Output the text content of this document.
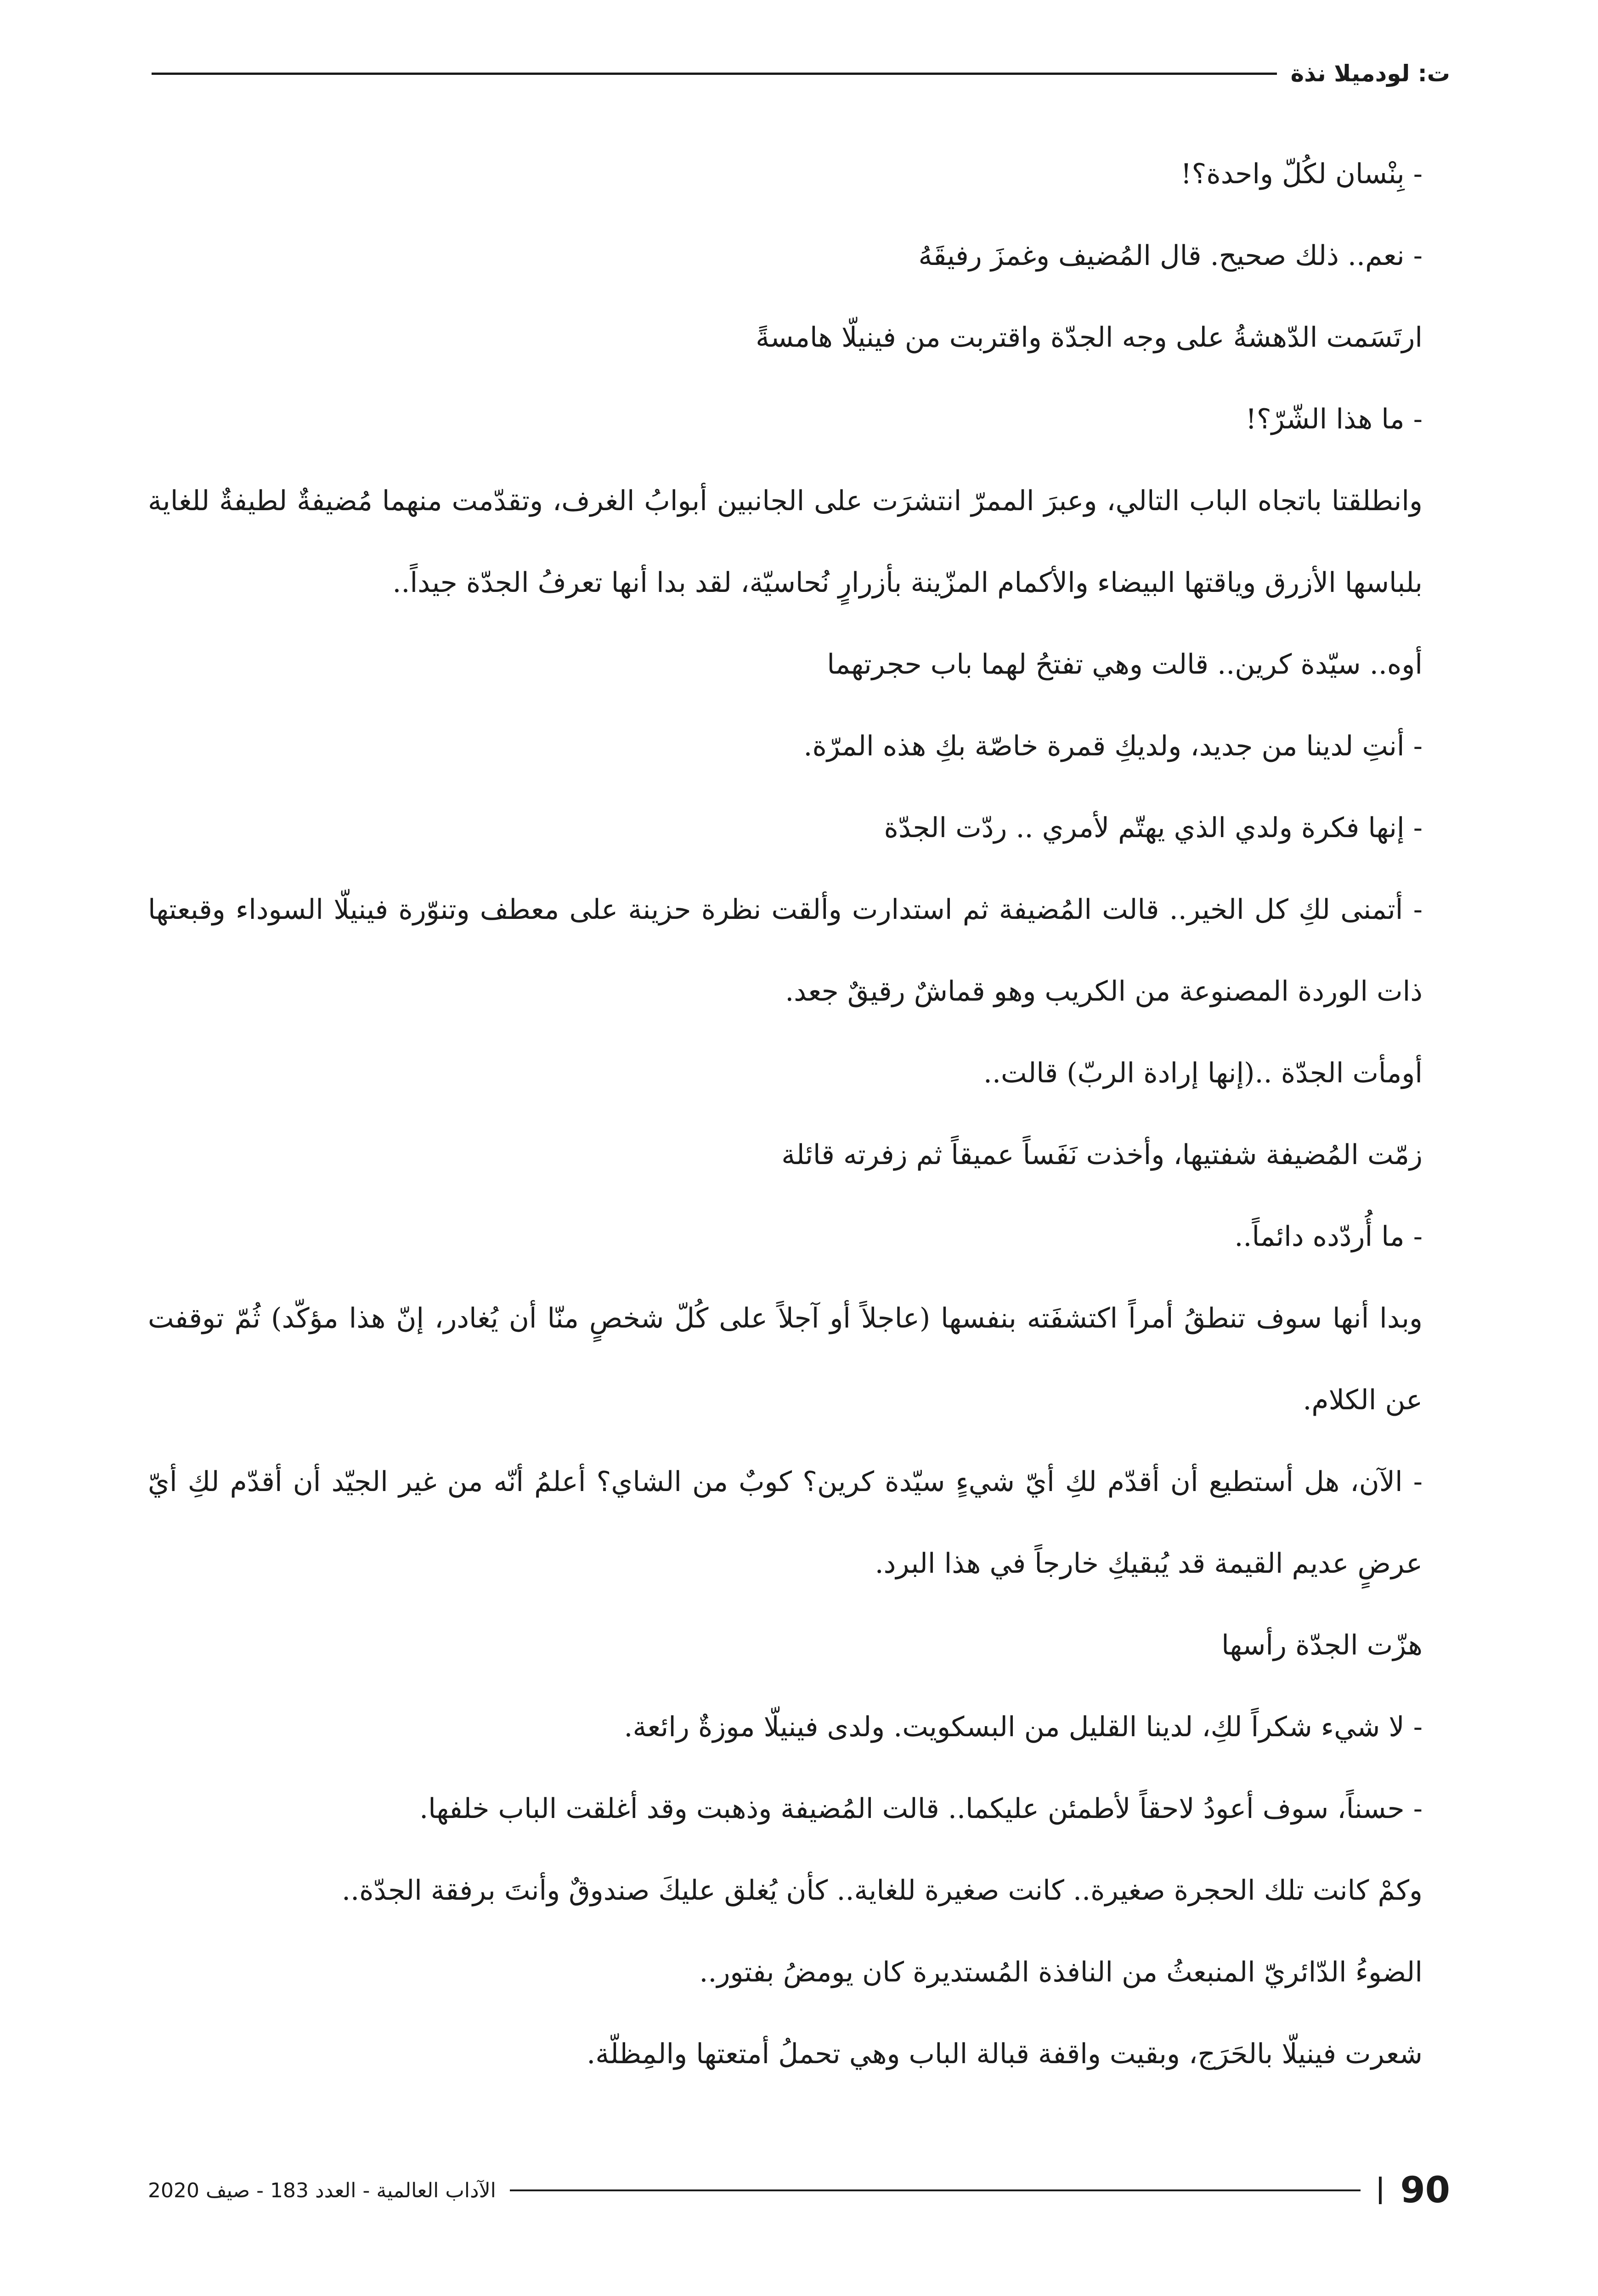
ت: لودميلا نذة

- بِنْسان لكُلّ واحدة؟!

- نعم.. ذلك صحيح. قال المُضيف وغمزَ رفيقَهُ

ارتَسَمت الدّهشةُ على وجه الجدّة واقتربت من فينيلّا هامسةً

- ما هذا الشّرّ؟!

وانطلقتا باتجاه الباب التالي، وعبرَ الممرّ انتشرَت على الجانبين أبوابُ الغرف، وتقدّمت منهما مُضيفةٌ لطيفةٌ للغاية بلباسها الأزرق وياقتها البيضاء والأكمام المزّينة بأزرارٍ نُحاسيّة، لقد بدا أنها تعرفُ الجدّة جيداً..

أوه.. سيّدة كرين.. قالت وهي تفتحُ لهما باب حجرتهما

- أنتِ لدينا من جديد، ولديكِ قمرة خاصّة بكِ هذه المرّة.

- إنها فكرة ولدي الذي يهتّم لأمري .. ردّت الجدّة

- أتمنى لكِ كل الخير.. قالت المُضيفة ثم استدارت وألقت نظرة حزينة على معطف وتنوّرة فينيلّا السوداء وقبعتها ذات الوردة المصنوعة من الكريب وهو قماشٌ رقيقٌ جعد.

أومأت الجدّة ..(إنها إرادة الربّ) قالت..

زمّت المُضيفة شفتيها، وأخذت نَفَساً عميقاً ثم زفرته قائلة

- ما أُردّده دائماً..

وبدا أنها سوف تنطقُ أمراً اكتشفَته بنفسها (عاجلاً أو آجلاً على كُلّ شخصٍ منّا أن يُغادر، إنّ هذا مؤكّد) ثُمّ توقفت عن الكلام.

- الآن، هل أستطيع أن أقدّم لكِ أيّ شيءٍ سيّدة كرين؟ كوبٌ من الشاي؟ أعلمُ أنّه من غير الجيّد أن أقدّم لكِ أيّ عرضٍ عديم القيمة قد يُبقيكِ خارجاً في هذا البرد.

هزّت الجدّة رأسها

- لا شيء شكراً لكِ، لدينا القليل من البسكويت. ولدى فينيلّا موزةٌ رائعة.

- حسناً، سوف أعودُ لاحقاً لأطمئن عليكما.. قالت المُضيفة وذهبت وقد أغلقت الباب خلفها.

وكمْ كانت تلك الحجرة صغيرة.. كانت صغيرة للغاية.. كأن يُغلق عليكَ صندوقٌ وأنتَ برفقة الجدّة..

الضوءُ الدّائريّ المنبعثُ من النافذة المُستديرة كان يومضُ بفتور..

شعرت فينيلّا بالحَرَج، وبقيت واقفة قبالة الباب وهي تحملُ أمتعتها والمِظلّة.

90
الآداب العالمية - العدد 183 - صيف 2020
